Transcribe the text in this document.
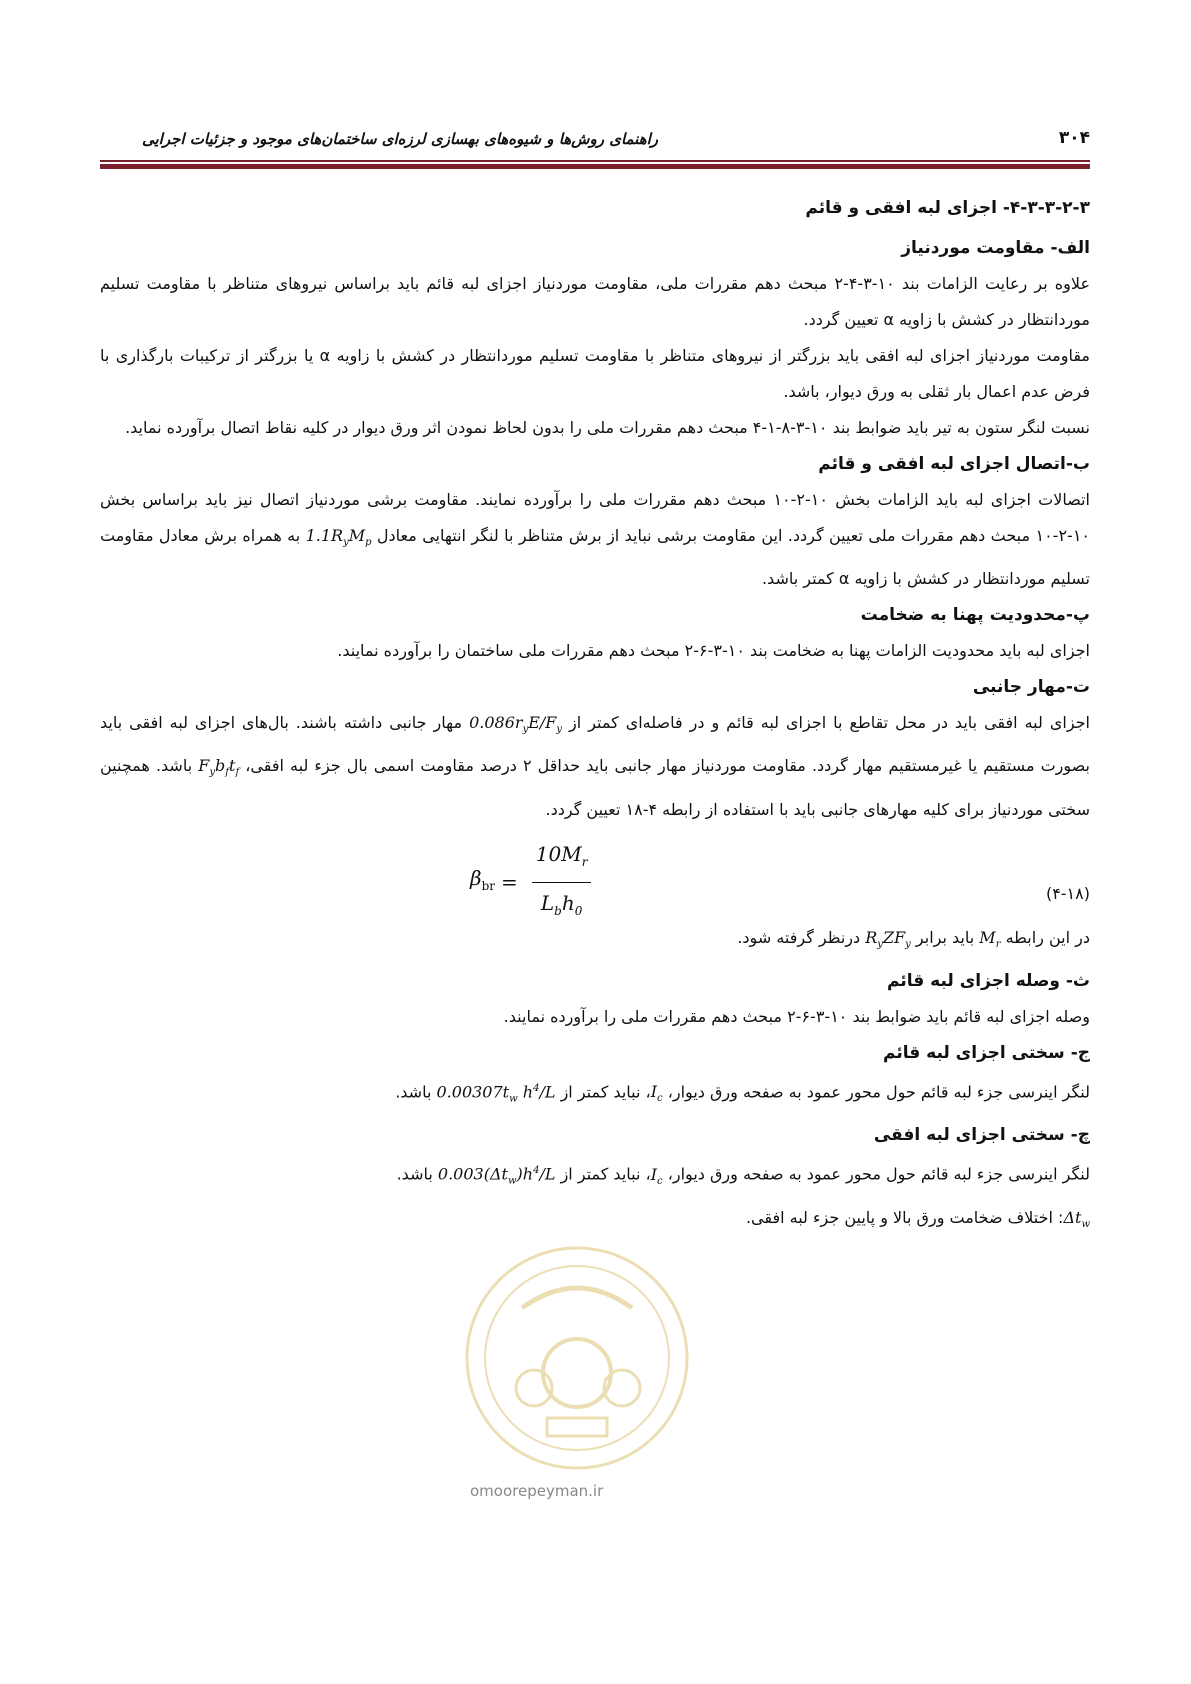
۳۰۴
راهنمای روش‌ها و شیوه‌های بهسازی لرزه‌ای ساختمان‌های موجود و جزئیات اجرایی
۴-۳-۳-۲-۳- اجزای لبه افقی و قائم
الف- مقاومت موردنیاز

علاوه بر رعایت الزامات بند ۱۰-۳-۴-۲ مبحث دهم مقررات ملی، مقاومت موردنیاز اجزای لبه قائم باید براساس نیروهای متناظر با مقاومت تسلیم موردانتظار در کشش با زاویه α تعیین گردد.

مقاومت موردنیاز اجزای لبه افقی باید بزرگتر از نیروهای متناظر با مقاومت تسلیم موردانتظار در کشش با زاویه α یا بزرگتر از ترکیبات بارگذاری با فرض عدم اعمال بار ثقلی به ورق دیوار، باشد.

نسبت لنگر ستون به تیر باید ضوابط بند ۱۰-۳-۸-۱-۴ مبحث دهم مقررات ملی را بدون لحاظ نمودن اثر ورق دیوار در کلیه نقاط اتصال برآورده نماید.

ب-اتصال اجزای لبه افقی و قائم

اتصالات اجزای لبه باید الزامات بخش ۱۰-۲-۱۰ مبحث دهم مقررات ملی را برآورده نمایند. مقاومت برشی موردنیاز اتصال نیز باید براساس بخش ۱۰-۲-۱۰ مبحث دهم مقررات ملی تعیین گردد. این مقاومت برشی نباید از برش متناظر با لنگر انتهایی معادل $1.1R_yM_p$ به همراه برش معادل مقاومت تسلیم موردانتظار در کشش با زاویه α کمتر باشد.

پ-محدودیت پهنا به ضخامت

اجزای لبه باید محدودیت الزامات پهنا به ضخامت بند ۱۰-۳-۶-۲ مبحث دهم مقررات ملی ساختمان را برآورده نمایند.

ت-مهار جانبی

اجزای لبه افقی باید در محل تقاطع با اجزای لبه قائم و در فاصله‌ای کمتر از $0.086r_yE/F_y$ مهار جانبی داشته باشند. بال‌های اجزای لبه افقی باید بصورت مستقیم یا غیرمستقیم مهار گردد. مقاومت موردنیاز مهار جانبی باید حداقل ۲ درصد مقاومت اسمی بال جزء لبه افقی، $F_yb_ft_f$ باشد. همچنین سختی موردنیاز برای کلیه مهارهای جانبی باید با استفاده از رابطه ۴-۱۸ تعیین گردد.

$\beta_{br} = \frac{10M_r}{L_bh_0}$	(۴-۱۸)

در این رابطه $M_r$ باید برابر $R_yZF_y$ درنظر گرفته شود.

ث- وصله اجزای لبه قائم

وصله اجزای لبه قائم باید ضوابط بند ۱۰-۳-۶-۲ مبحث دهم مقررات ملی را برآورده نمایند.

ج- سختی اجزای لبه قائم

لنگر اینرسی جزء لبه قائم حول محور عمود به صفحه ورق دیوار، $I_c،$ نباید کمتر از $0.00307t_w$ $h^4/L$ باشد.

چ- سختی اجزای لبه افقی

لنگر اینرسی جزء لبه قائم حول محور عمود به صفحه ورق دیوار، $I_c،$ نباید کمتر از $0.003(\Delta t_w)h^4/L$ باشد.

$\Delta t_w$: اختلاف ضخامت ورق بالا و پایین جزء لبه افقی.

omoorepeyman.ir
